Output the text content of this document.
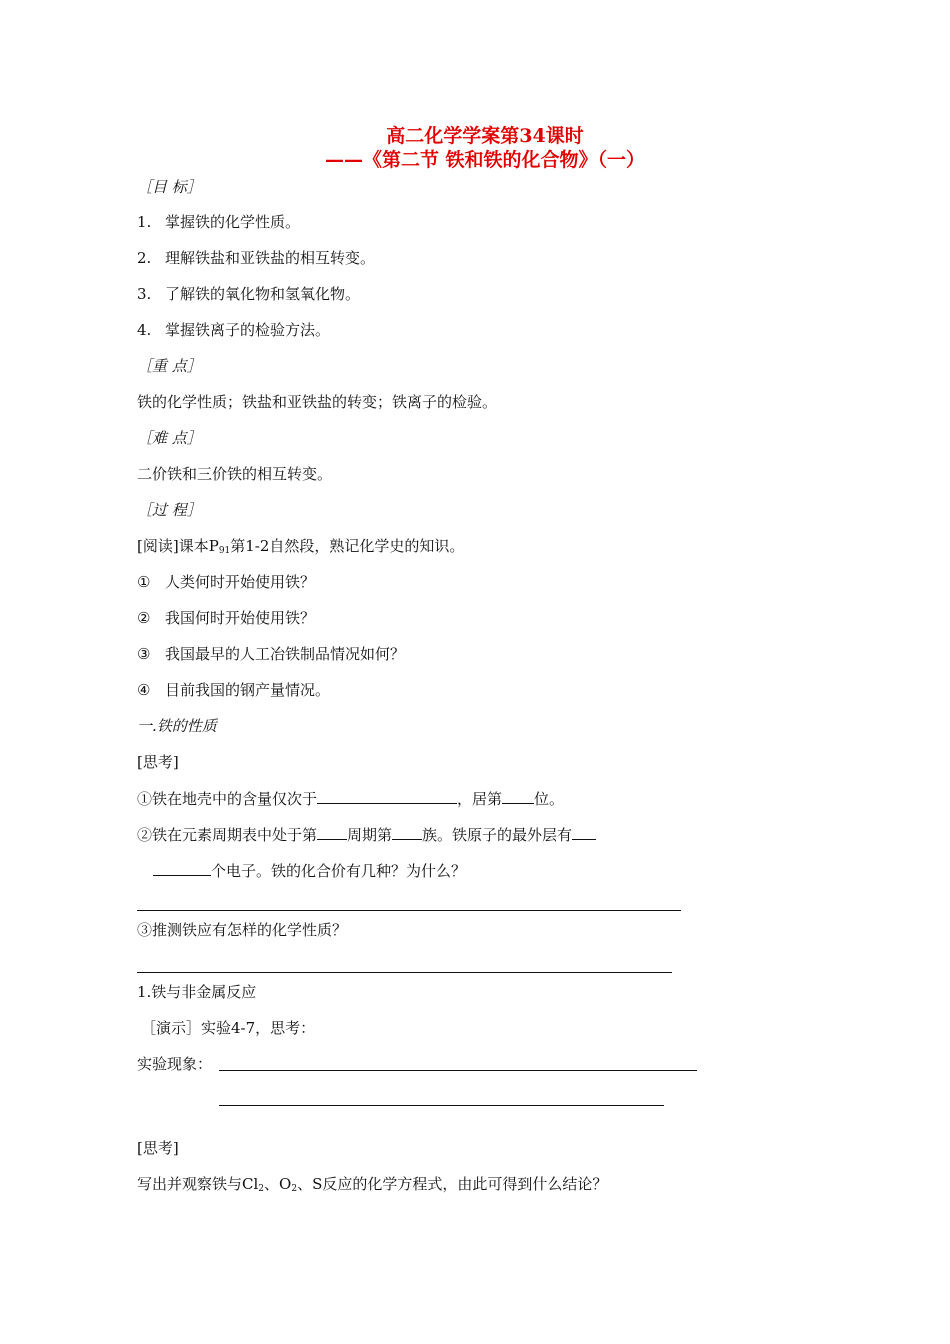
高二化学学案第34课时
——《第二节 铁和铁的化合物》（一）
［目 标］
1. 掌握铁的化学性质。
2. 理解铁盐和亚铁盐的相互转变。
3. 了解铁的氧化物和氢氧化物。
4. 掌握铁离子的检验方法。
［重 点］
铁的化学性质；铁盐和亚铁盐的转变；铁离子的检验。
［难 点］
二价铁和三价铁的相互转变。
［过 程］
[阅读]课本$P_{91}$第1-2自然段，熟记化学史的知识。
① 人类何时开始使用铁？
② 我国何时开始使用铁？
③ 我国最早的人工冶铁制品情况如何？
④ 目前我国的钢产量情况。
一.铁的性质
[思考]
①铁在地壳中的含量仅次于	，居第 位。
②铁在元素周期表中处于第 周期第 族。铁原子的最外层有
个电子。铁的化合价有几种？为什么？
③推测铁应有怎样的化学性质？
1.铁与非金属反应
［演示］实验4-7，思考：
实验现象：
[思考]
写出并观察铁与$Cl_2$、$O_2$、S反应的化学方程式，由此可得到什么结论？
